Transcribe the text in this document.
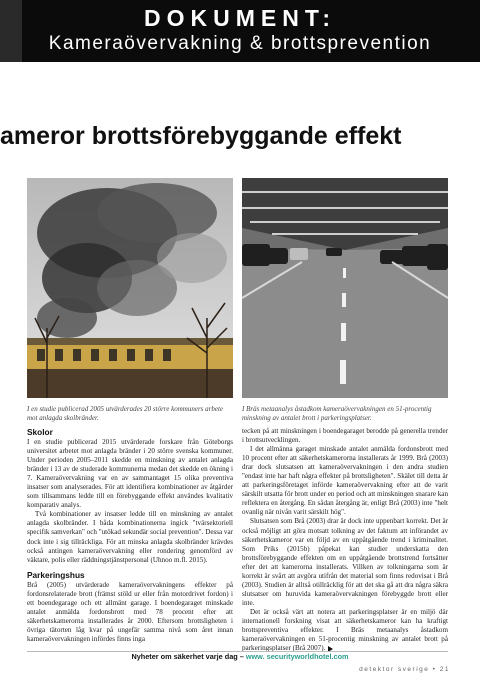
DOKUMENT:
Kameraövervakning & brottsprevention
ameror brottsförebyggande effekt
I en studie publicerad 2005 utvärderades 20 större kommuners arbete mot anlagda skolbränder.
I Bräs metaanalys åstadkom kameraövervakningen en 51-procentig minskning av antalet brott i parkeringsplatser.
Skolor

I en studie publicerad 2015 utvärderade forskare från Göteborgs universitet arbetet mot anlagda bränder i 20 större svenska kommuner. Under perioden 2005–2011 skedde en minskning av antalet anlagda bränder i 13 av de studerade kommunerna medan det skedde en ökning i 7. Kameraövervakning var en av sammantaget 15 olika preventiva insatser som analyserades. För att identifiera kombinationer av åtgärder som tillsammans ledde till en förebyggande effekt användes kvalitativ komparativ analys.

Två kombinationer av insatser ledde till en minskning av antalet anlagda skolbränder. I båda kombinationerna ingick "tvärsektoriell specifik samverkan" och "utökad sekundär social prevention". Dessa var dock inte i sig tillräckliga. För att minska anlagda skolbränder krävdes också antingen kameraövervakning eller rondering genomförd av väktare, polis eller räddningstjänstpersonal (Uhnoo m.fl. 2015).

Parkeringshus

Brå (2005) utvärderade kameraövervakningens effekter på fordonsrelaterade brott (främst stöld ur eller från motordrivet fordon) i ett boendegarage och ett allmänt garage. I boendegaraget minskade antalet anmälda fordonsbrott med 78 procent efter att säkerhetskamerorna installerades år 2000. Eftersom brottsligheten i övriga tätorten låg kvar på ungefär samma nivå som året innan kameraövervakningen infördes finns inga

tecken på att minskningen i boendegaraget berodde på generella trender i brottsutvecklingen.

I det allmänna garaget minskade antalet anmälda fordonsbrott med 10 procent efter att säkerhetskamerorna installerats år 1999. Brå (2003) drar dock slutsatsen att kameraövervakningen i den andra studien "endast inte har haft några effekter på brottsligheten". Skälet till detta är att parkeringsföretaget införde kameraövervakning efter att de varit särskilt utsatta för brott under en period och att minskningen snarare kan reflektera en återgång. En sådan återgång är, enligt Brå (2003) inte "helt ovanlig när nivån varit särskilt hög".

Slutsatsen som Brå (2003) drar är dock inte uppenbart korrekt. Det är också möjligt att göra motsatt tolkning av det faktum att införandet av säkerhetskameror var en följd av en uppåtgående trend i kriminalitet. Som Priks (2015b) påpekat kan studier underskatta den brottsförebyggande effekten om en uppåtgående brottstrend fortsätter efter det att kamerorna installerats. Villken av tolkningarna som är korrekt är svårt att avgöra utifrån det material som finns redovisat i Brå (2003). Studien är alltså otillräcklig för att det ska gå att dra några säkra slutsatser om huruvida kameraövervakningen förebyggde brott eller inte.

Det är också värt att notera att parkeringsplatser är en miljö där internationell forskning visat att säkerhetskameror kan ha kraftigt brottspreventiva effekter. I Bräs metaanalys åstadkom kameraövervakningen en 51-procentig minskning av antalet brott på parkeringsplatser (Brå 2007).

Nyheter om säkerhet varje dag – www. securityworldhotel.com
detektor sverige • 21
